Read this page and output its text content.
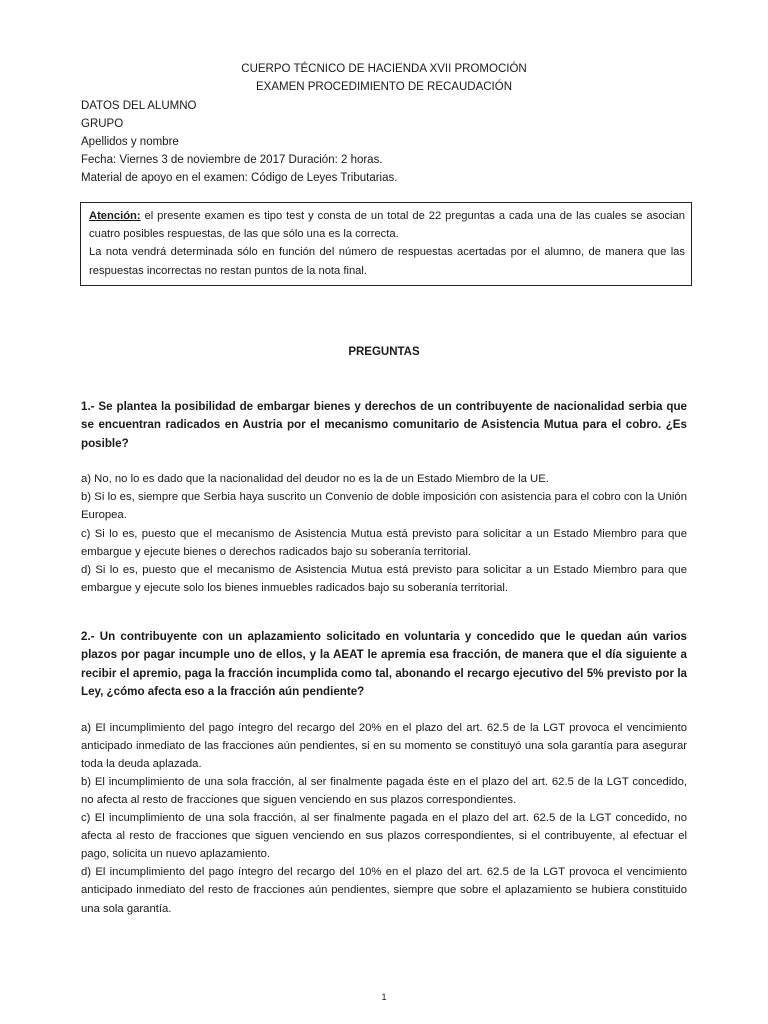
CUERPO TÉCNICO DE HACIENDA XVII PROMOCIÓN
EXAMEN PROCEDIMIENTO DE RECAUDACIÓN
DATOS DEL ALUMNO
GRUPO
Apellidos y nombre
Fecha: Viernes 3 de noviembre de 2017 Duración: 2 horas.
Material de apoyo en el examen: Código de Leyes Tributarias.
Atención: el presente examen es tipo test y consta de un total de 22 preguntas a cada una de las cuales se asocian cuatro posibles respuestas, de las que sólo una es la correcta.
La nota vendrá determinada sólo en función del número de respuestas acertadas por el alumno, de manera que las respuestas incorrectas no restan puntos de la nota final.
PREGUNTAS
1.- Se plantea la posibilidad de embargar bienes y derechos de un contribuyente de nacionalidad serbia que se encuentran radicados en Austria por el mecanismo comunitario de Asistencia Mutua para el cobro. ¿Es posible?

a) No, no lo es dado que la nacionalidad del deudor no es la de un Estado Miembro de la UE.

b) Si lo es, siempre que Serbia haya suscrito un Convenio de doble imposición con asistencia para el cobro con la Unión Europea.

c) Si lo es, puesto que el mecanismo de Asistencia Mutua está previsto para solicitar a un Estado Miembro para que embargue y ejecute bienes o derechos radicados bajo su soberanía territorial.

d) Si lo es, puesto que el mecanismo de Asistencia Mutua está previsto para solicitar a un Estado Miembro para que embargue y ejecute solo los bienes inmuebles radicados bajo su soberanía territorial.

2.- Un contribuyente con un aplazamiento solicitado en voluntaria y concedido que le quedan aún varios plazos por pagar incumple uno de ellos, y la AEAT le apremia esa fracción, de manera que el día siguiente a recibir el apremio, paga la fracción incumplida como tal, abonando el recargo ejecutivo del 5% previsto por la Ley, ¿cómo afecta eso a la fracción aún pendiente?

a) El incumplimiento del pago íntegro del recargo del 20% en el plazo del art. 62.5 de la LGT provoca el vencimiento anticipado inmediato de las fracciones aún pendientes, si en su momento se constituyó una sola garantía para asegurar toda la deuda aplazada.

b) El incumplimiento de una sola fracción, al ser finalmente pagada éste en el plazo del art. 62.5 de la LGT concedido, no afecta al resto de fracciones que siguen venciendo en sus plazos correspondientes.

c) El incumplimiento de una sola fracción, al ser finalmente pagada en el plazo del art. 62.5 de la LGT concedido, no afecta al resto de fracciones que siguen venciendo en sus plazos correspondientes, si el contribuyente, al efectuar el pago, solicita un nuevo aplazamiento.

d) El incumplimiento del pago íntegro del recargo del 10% en el plazo del art. 62.5 de la LGT provoca el vencimiento anticipado inmediato del resto de fracciones aún pendientes, siempre que sobre el aplazamiento se hubiera constituido una sola garantía.

1
